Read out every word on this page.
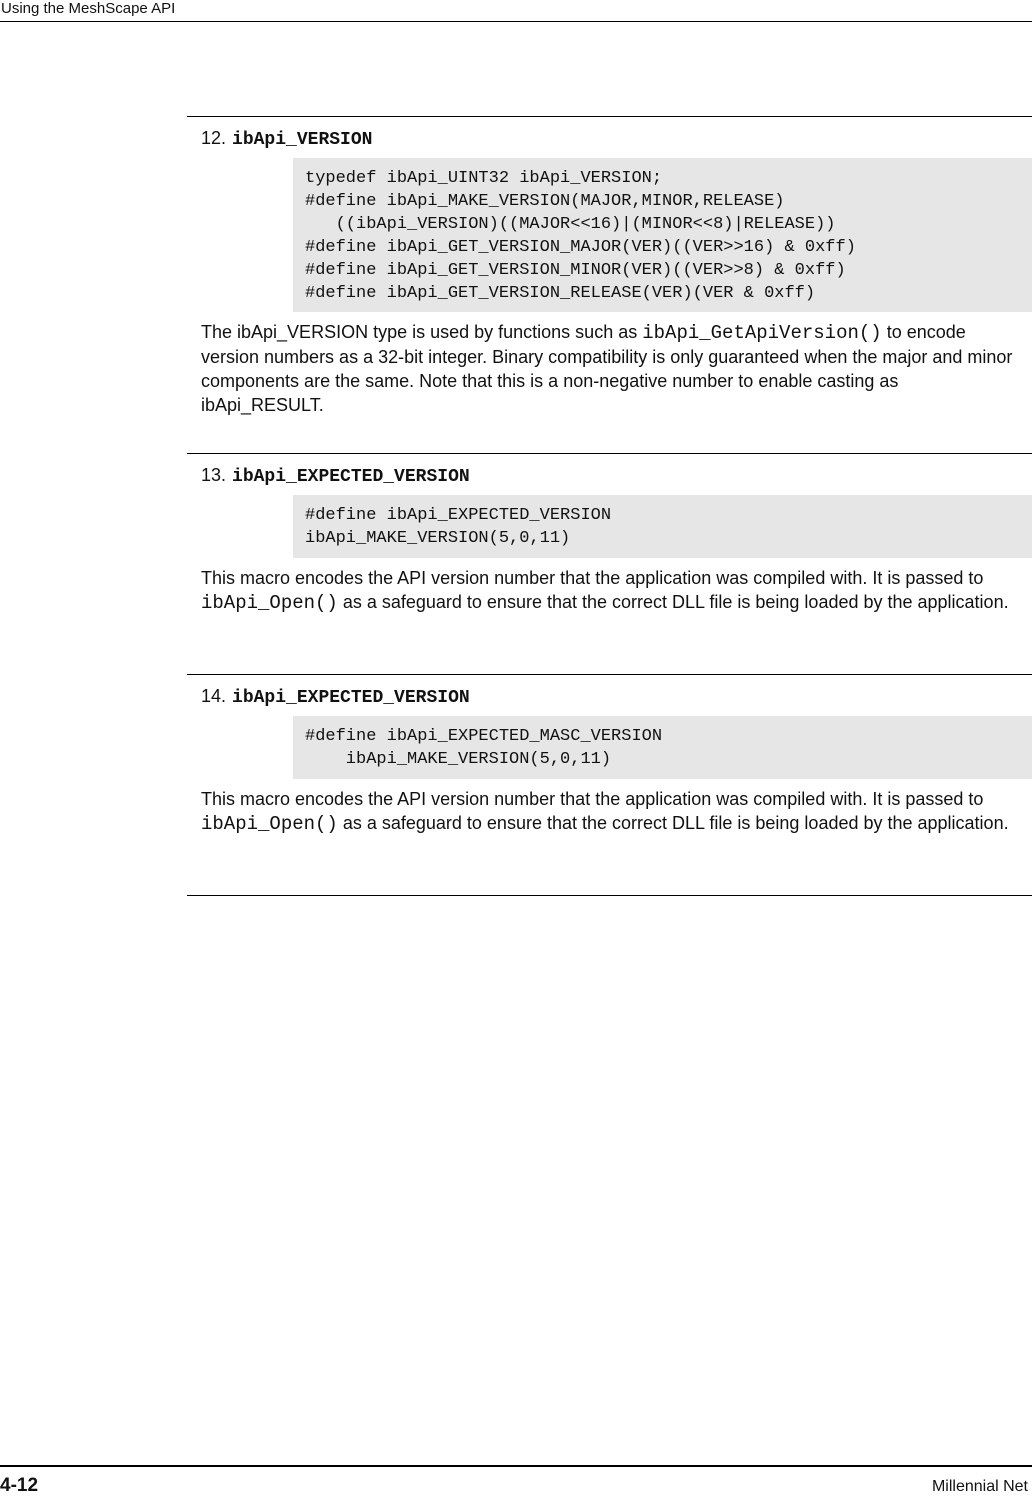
Using the MeshScape API
12. ibApi_VERSION
typedef ibApi_UINT32 ibApi_VERSION;
#define ibApi_MAKE_VERSION(MAJOR,MINOR,RELEASE)
((ibApi_VERSION)((MAJOR<<16)|(MINOR<<8)|RELEASE))
#define ibApi_GET_VERSION_MAJOR(VER)((VER>>16) & 0xff)
#define ibApi_GET_VERSION_MINOR(VER)((VER>>8) & 0xff)
#define ibApi_GET_VERSION_RELEASE(VER)(VER & 0xff)
The ibApi_VERSION type is used by functions such as ibApi_GetApiVersion() to encode version numbers as a 32-bit integer. Binary compatibility is only guaranteed when the major and minor components are the same. Note that this is a non-negative number to enable casting as ibApi_RESULT.
13. ibApi_EXPECTED_VERSION
#define ibApi_EXPECTED_VERSION
ibApi_MAKE_VERSION(5,0,11)
This macro encodes the API version number that the application was compiled with. It is passed to ibApi_Open() as a safeguard to ensure that the correct DLL file is being loaded by the application.
14. ibApi_EXPECTED_VERSION
#define ibApi_EXPECTED_MASC_VERSION
ibApi_MAKE_VERSION(5,0,11)
This macro encodes the API version number that the application was compiled with. It is passed to ibApi_Open() as a safeguard to ensure that the correct DLL file is being loaded by the application.
4-12	Millennial Net
